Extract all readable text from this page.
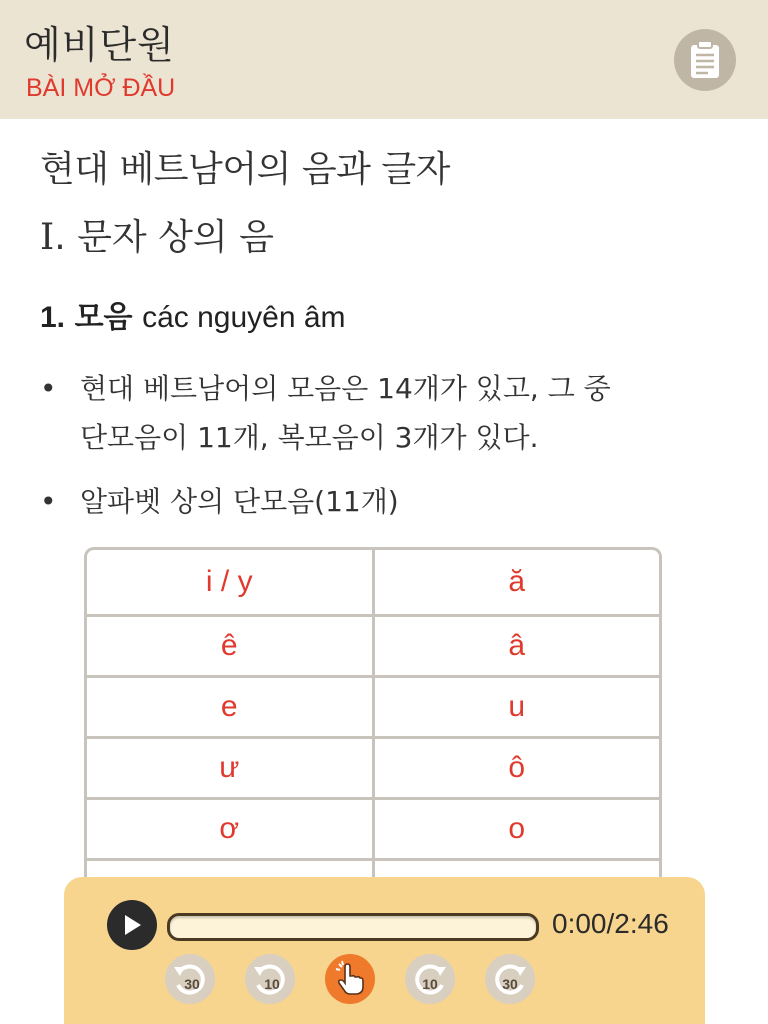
예비단원
BÀI MỞ ĐẦU
현대 베트남어의 음과 글자
Ⅰ. 문자 상의 음
1. 모음 các nguyên âm
• 현대 베트남어의 모음은 14개가 있고, 그 중
단모음이 11개, 복모음이 3개가 있다.
• 알파벳 상의 단모음(11개)
i / y	ă
ê	â
e	u
ư	ô
ơ	o

0:00/2:46
30	10	10	30
